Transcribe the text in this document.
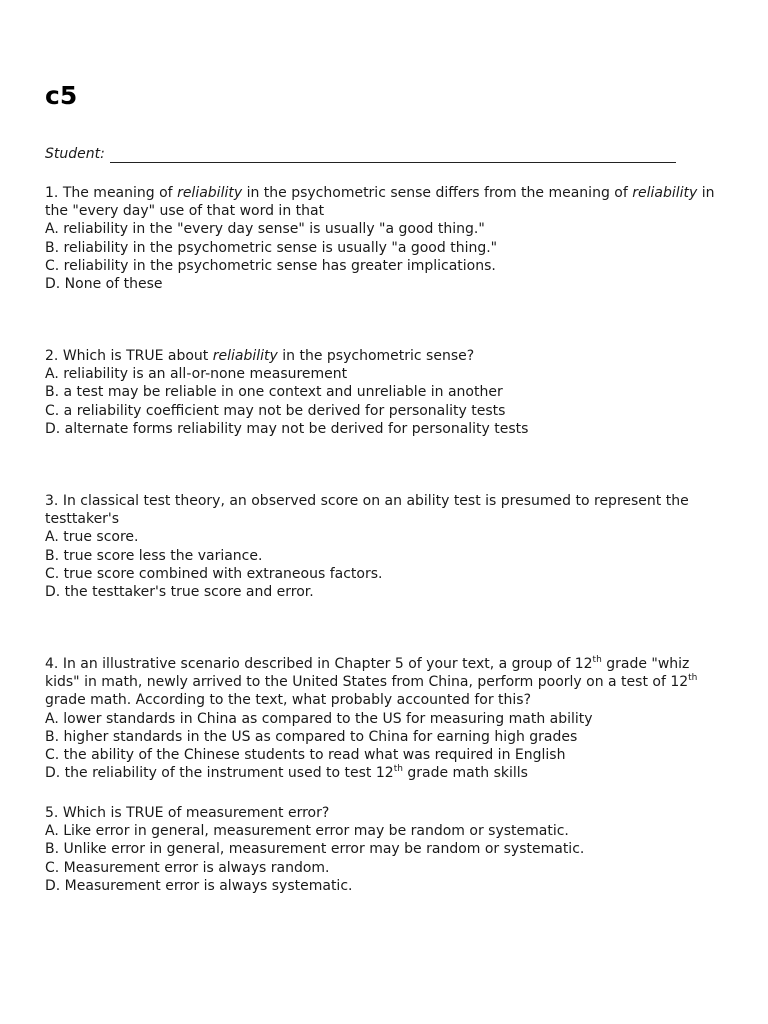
c5
Student:

1. The meaning of reliability in the psychometric sense differs from the meaning of reliability in the "every day" use of that word in that

A. reliability in the "every day sense" is usually "a good thing."

B. reliability in the psychometric sense is usually "a good thing."

C. reliability in the psychometric sense has greater implications.

D. None of these

2. Which is TRUE about reliability in the psychometric sense?

A. reliability is an all-or-none measurement

B. a test may be reliable in one context and unreliable in another

C. a reliability coefficient may not be derived for personality tests

D. alternate forms reliability may not be derived for personality tests

3. In classical test theory, an observed score on an ability test is presumed to represent the testtaker's

A. true score.

B. true score less the variance.

C. true score combined with extraneous factors.

D. the testtaker's true score and error.

4. In an illustrative scenario described in Chapter 5 of your text, a group of 12th grade "whiz kids" in math, newly arrived to the United States from China, perform poorly on a test of 12th grade math. According to the text, what probably accounted for this?

A. lower standards in China as compared to the US for measuring math ability

B. higher standards in the US as compared to China for earning high grades

C. the ability of the Chinese students to read what was required in English

D. the reliability of the instrument used to test 12th grade math skills

5. Which is TRUE of measurement error?

A. Like error in general, measurement error may be random or systematic.

B. Unlike error in general, measurement error may be random or systematic.

C. Measurement error is always random.

D. Measurement error is always systematic.
